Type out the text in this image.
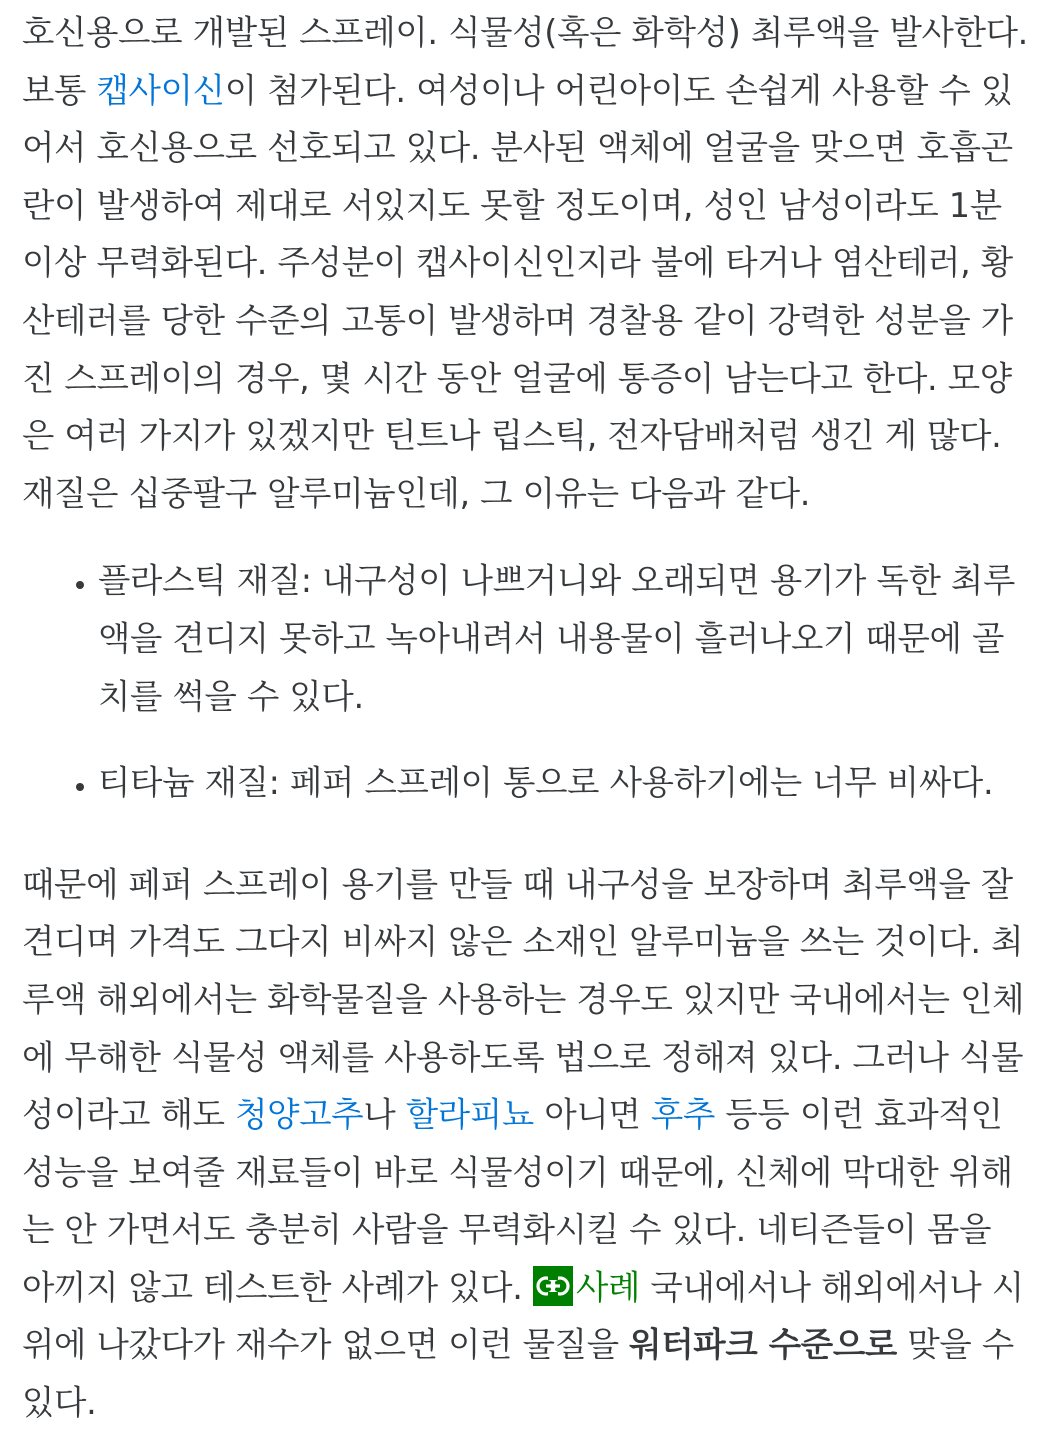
호신용으로 개발된 스프레이. 식물성(혹은 화학성) 최루액을 발사한다. 보통 캡사이신이 첨가된다. 여성이나 어린아이도 손쉽게 사용할 수 있어서 호신용으로 선호되고 있다. 분사된 액체에 얼굴을 맞으면 호흡곤란이 발생하여 제대로 서있지도 못할 정도이며, 성인 남성이라도 1분 이상 무력화된다. 주성분이 캡사이신인지라 불에 타거나 염산테러, 황산테러를 당한 수준의 고통이 발생하며 경찰용 같이 강력한 성분을 가진 스프레이의 경우, 몇 시간 동안 얼굴에 통증이 남는다고 한다. 모양은 여러 가지가 있겠지만 틴트나 립스틱, 전자담배처럼 생긴 게 많다. 재질은 십중팔구 알루미늄인데, 그 이유는 다음과 같다.

• 플라스틱 재질: 내구성이 나쁘거니와 오래되면 용기가 독한 최루액을 견디지 못하고 녹아내려서 내용물이 흘러나오기 때문에 골치를 썩을 수 있다.
• 티타늄 재질: 페퍼 스프레이 통으로 사용하기에는 너무 비싸다.

때문에 페퍼 스프레이 용기를 만들 때 내구성을 보장하며 최루액을 잘 견디며 가격도 그다지 비싸지 않은 소재인 알루미늄을 쓰는 것이다. 최루액 해외에서는 화학물질을 사용하는 경우도 있지만 국내에서는 인체에 무해한 식물성 액체를 사용하도록 법으로 정해져 있다. 그러나 식물성이라고 해도 청양고추나 할라피뇨 아니면 후추 등등 이런 효과적인 성능을 보여줄 재료들이 바로 식물성이기 때문에, 신체에 막대한 위해는 안 가면서도 충분히 사람을 무력화시킬 수 있다. 네티즌들이 몸을 아끼지 않고 테스트한 사례가 있다.
사례 국내에서나 해외에서나 시위에 나갔다가 재수가 없으면 이런 물질을 워터파크 수준으로 맞을 수 있다.
